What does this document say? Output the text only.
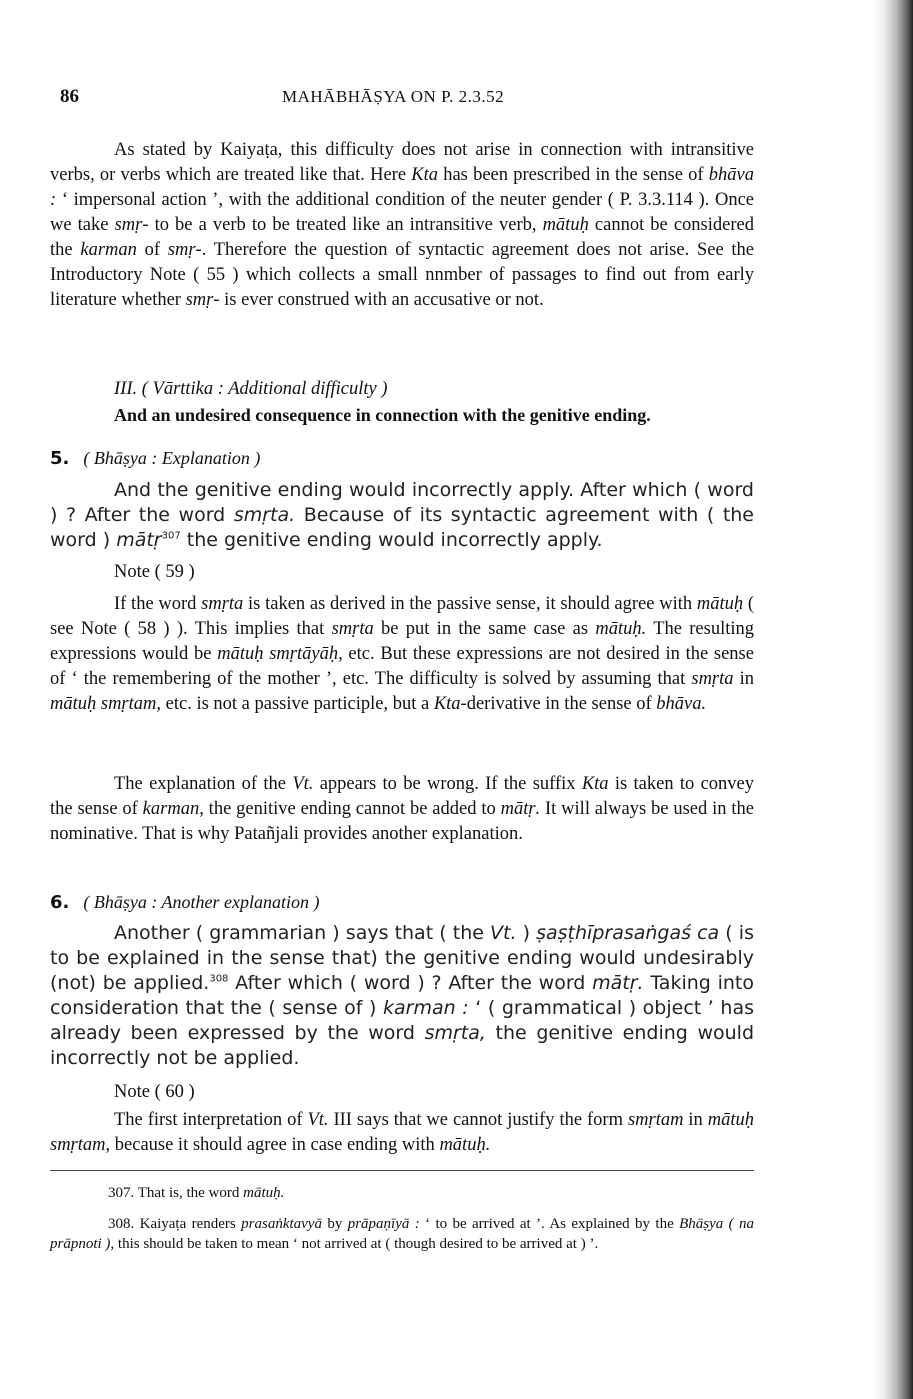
86	MAHĀBHĀṢYA ON P. 2.3.52

As stated by Kaiyaṭa, this difficulty does not arise in connection with intransitive verbs, or verbs which are treated like that. Here Kta has been prescribed in the sense of bhāva : ‘ impersonal action ’, with the additional condition of the neuter gender ( P. 3.3.114 ). Once we take smṛ- to be a verb to be treated like an intransitive verb, mātuḥ cannot be considered the karman of smṛ-. Therefore the question of syntactic agreement does not arise. See the Introductory Note ( 55 ) which collects a small nnmber of passages to find out from early literature whether smṛ- is ever construed with an accusative or not.

III. ( Vārttika : Additional difficulty )
And an undesired consequence in connection with the genitive ending.
5. ( Bhāṣya : Explanation )

And the genitive ending would incorrectly apply. After which ( word ) ? After the word smṛta. Because of its syntactic agreement with ( the word ) mātṛ$^{307}$ the genitive ending would incorrectly apply.

Note ( 59 )

If the word smṛta is taken as derived in the passive sense, it should agree with mātuḥ ( see Note ( 58 ) ). This implies that smṛta be put in the same case as mātuḥ. The resulting expressions would be mātuḥ smṛtāyāḥ, etc. But these expressions are not desired in the sense of ‘ the remembering of the mother ’, etc. The difficulty is solved by assuming that smṛta in mātuḥ smṛtam, etc. is not a passive participle, but a Kta-derivative in the sense of bhāva.

The explanation of the Vt. appears to be wrong. If the suffix Kta is taken to convey the sense of karman, the genitive ending cannot be added to mātṛ. It will always be used in the nominative. That is why Patañjali provides another explanation.

6. ( Bhāṣya : Another explanation )

Another ( grammarian ) says that ( the Vt. ) ṣaṣṭhīprasaṅgaś ca ( is to be explained in the sense that) the genitive ending would undesirably (not) be applied.$^{308}$ After which ( word ) ? After the word mātṛ. Taking into consideration that the ( sense of ) karman : ‘ ( grammatical ) object ’ has already been expressed by the word smṛta, the genitive ending would incorrectly not be applied.

Note ( 60 )

The first interpretation of Vt. III says that we cannot justify the form smṛtam in mātuḥ smṛtam, because it should agree in case ending with mātuḥ.

307. That is, the word mātuḥ.

308. Kaiyaṭa renders prasaṅktavyā by prāpaṇīyā : ‘ to be arrived at ’. As explained by the Bhāṣya ( na prāpnoti ), this should be taken to mean ‘ not arrived at ( though desired to be arrived at ) ’.
